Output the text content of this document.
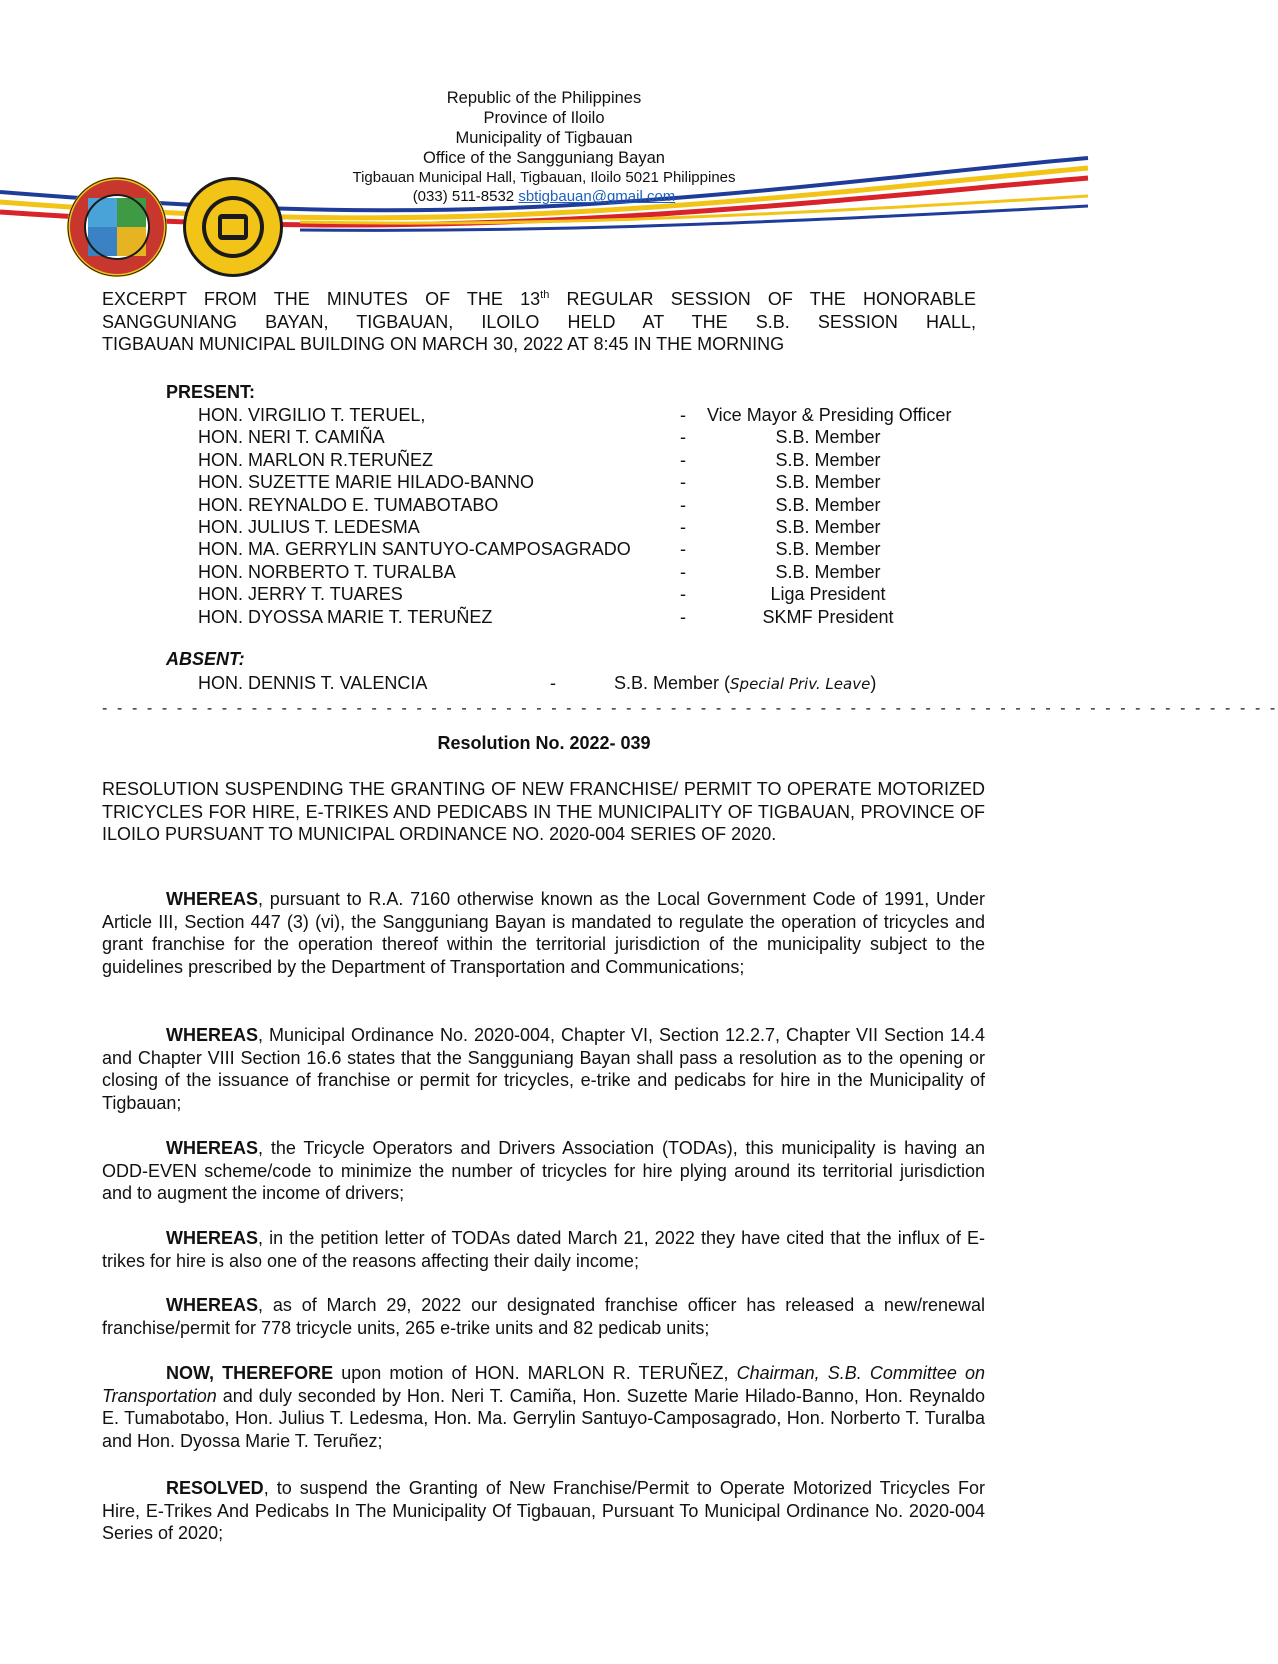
Republic of the Philippines
Province of Iloilo
Municipality of Tigbauan
Office of the Sangguniang Bayan
Tigbauan Municipal Hall, Tigbauan, Iloilo 5021 Philippines
(033) 511-8532 sbtigbauan@gmail.com
EXCERPT FROM THE MINUTES OF THE 13th REGULAR SESSION OF THE HONORABLE
SANGGUNIANG BAYAN, TIGBAUAN, ILOILO HELD AT THE S.B. SESSION HALL,
TIGBAUAN MUNICIPAL BUILDING ON MARCH 30, 2022 AT 8:45 IN THE MORNING
PRESENT:
HON. VIRGILIO T. TERUEL,	- Vice Mayor & Presiding Officer
HON. NERI T. CAMIÑA	-	S.B. Member
HON. MARLON R.TERUÑEZ	-	S.B. Member
HON. SUZETTE MARIE HILADO-BANNO	-	S.B. Member
HON. REYNALDO E. TUMABOTABO	-	S.B. Member
HON. JULIUS T. LEDESMA	-	S.B. Member
HON. MA. GERRYLIN SANTUYO-CAMPOSAGRADO	-	S.B. Member
HON. NORBERTO T. TURALBA	-	S.B. Member
HON. JERRY T. TUARES	-	Liga President
HON. DYOSSA MARIE T. TERUÑEZ	-	SKMF President
ABSENT:
HON. DENNIS T. VALENCIA	-	S.B. Member (Special Priv. Leave)
- - - - - - - - - - - - - - - - - - - - - - - - - - - - - - - - - - - - - - - - - - - - - - - - - - - - - - - - - - - - - - - - - - - - - - - - - - - - - - -
Resolution No. 2022- 039
RESOLUTION SUSPENDING THE GRANTING OF NEW FRANCHISE/ PERMIT TO OPERATE MOTORIZED TRICYCLES FOR HIRE, E-TRIKES AND PEDICABS IN THE MUNICIPALITY OF TIGBAUAN, PROVINCE OF ILOILO PURSUANT TO MUNICIPAL ORDINANCE NO. 2020-004 SERIES OF 2020.
WHEREAS, pursuant to R.A. 7160 otherwise known as the Local Government Code of 1991, Under Article III, Section 447 (3) (vi), the Sangguniang Bayan is mandated to regulate the operation of tricycles and grant franchise for the operation thereof within the territorial jurisdiction of the municipality subject to the guidelines prescribed by the Department of Transportation and Communications;
WHEREAS, Municipal Ordinance No. 2020-004, Chapter VI, Section 12.2.7, Chapter VII Section 14.4 and Chapter VIII Section 16.6 states that the Sangguniang Bayan shall pass a resolution as to the opening or closing of the issuance of franchise or permit for tricycles, e-trike and pedicabs for hire in the Municipality of Tigbauan;
WHEREAS, the Tricycle Operators and Drivers Association (TODAs), this municipality is having an ODD-EVEN scheme/code to minimize the number of tricycles for hire plying around its territorial jurisdiction and to augment the income of drivers;
WHEREAS, in the petition letter of TODAs dated March 21, 2022 they have cited that the influx of E-trikes for hire is also one of the reasons affecting their daily income;
WHEREAS, as of March 29, 2022 our designated franchise officer has released a new/renewal franchise/permit for 778 tricycle units, 265 e-trike units and 82 pedicab units;
NOW, THEREFORE upon motion of HON. MARLON R. TERUÑEZ, Chairman, S.B. Committee on Transportation and duly seconded by Hon. Neri T. Camiña, Hon. Suzette Marie Hilado-Banno, Hon. Reynaldo E. Tumabotabo, Hon. Julius T. Ledesma, Hon. Ma. Gerrylin Santuyo-Camposagrado, Hon. Norberto T. Turalba and Hon. Dyossa Marie T. Teruñez;
RESOLVED, to suspend the Granting of New Franchise/Permit to Operate Motorized Tricycles For Hire, E-Trikes And Pedicabs In The Municipality Of Tigbauan, Pursuant To Municipal Ordinance No. 2020-004 Series of 2020;
